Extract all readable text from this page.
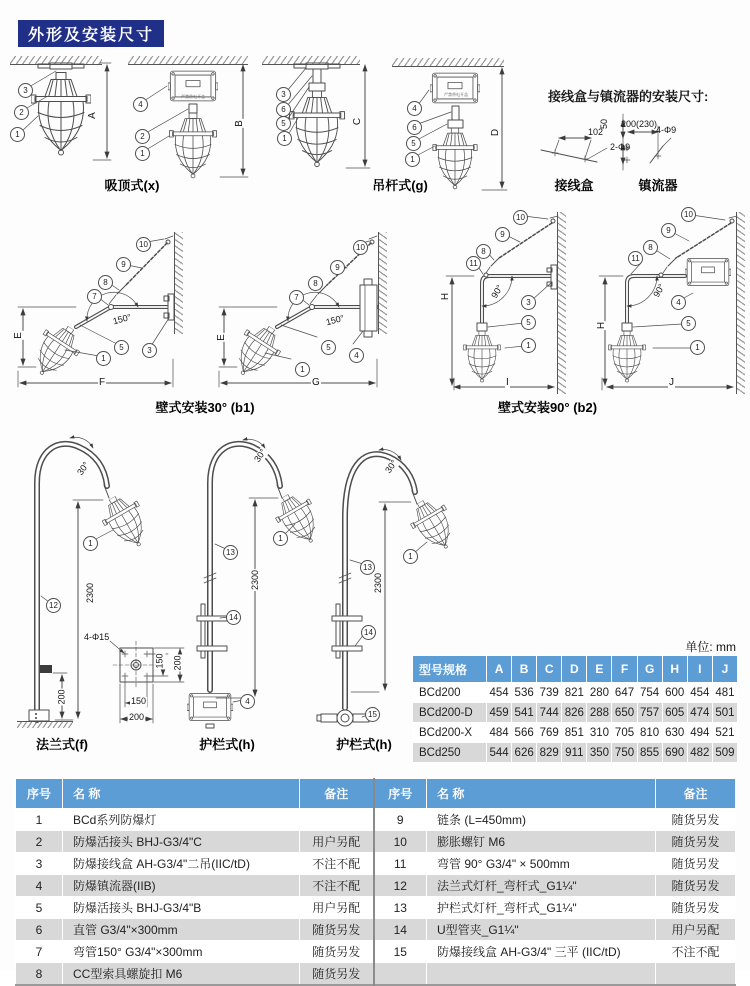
外形及安装尺寸
3
2
1
4
2
1
3
6
5
1
4
6
5
1
10
9
8
7
5	3
1
10
9
8
7
5
4
1
10
9
8
11
3
5
1
10
9
8
11
4
5
1
1
12
1
13
14
4
1
13
14
15
A
B	C
D
E
F
E
G
H
I
H
J
150°	150°
90°	90°
30°
30°
30°
2300
2300	2300
200
4-Φ15
150 200
150
200
102
2-Φ9
50 200(230)
4-Φ9
严禁带电开盖	严禁带电开盖
吸顶式(x)	吊杆式(g)
接线盒与镇流器的安装尺寸:
接线盒	镇流器
壁式安装30° (b1)	壁式安装90° (b2)
法兰式(f)	护栏式(h)	护栏式(h)
单位: mm
型号规格	A	B	C	D	E	F	G	H	I	J
BCd200	454	536	739	821	280	647	754	600	454	481
BCd200-D	459	541	744	826	288	650	757	605	474	501
BCd200-X	484	566	769	851	310	705	810	630	494	521
BCd250	544	626	829	911	350	750	855	690	482	509
序号	名 称	备注	序号	名 称	备注
1	BCd系列防爆灯		9	链条 (L=450mm)	随货另发
2	防爆活接头 BHJ-G3/4"C	用户另配	10	膨胀螺钉 M6	随货另发
3	防爆接线盒 AH-G3/4"二吊(IIC/tD)	不注不配	11	弯管 90° G3/4" × 500mm	随货另发
4	防爆镇流器(IIB)	不注不配	12	法兰式灯杆_弯杆式_G1¼"	随货另发
5	防爆活接头 BHJ-G3/4"B	用户另配	13	护栏式灯杆_弯杆式_G1¼"	随货另发
6	直管 G3/4"×300mm	随货另发	14	U型管夹_G1¼"	用户另配
7	弯管150° G3/4"×300mm	随货另发	15	防爆接线盒 AH-G3/4" 三平 (IIC/tD)	不注不配
8	CC型索具螺旋扣 M6	随货另发			
